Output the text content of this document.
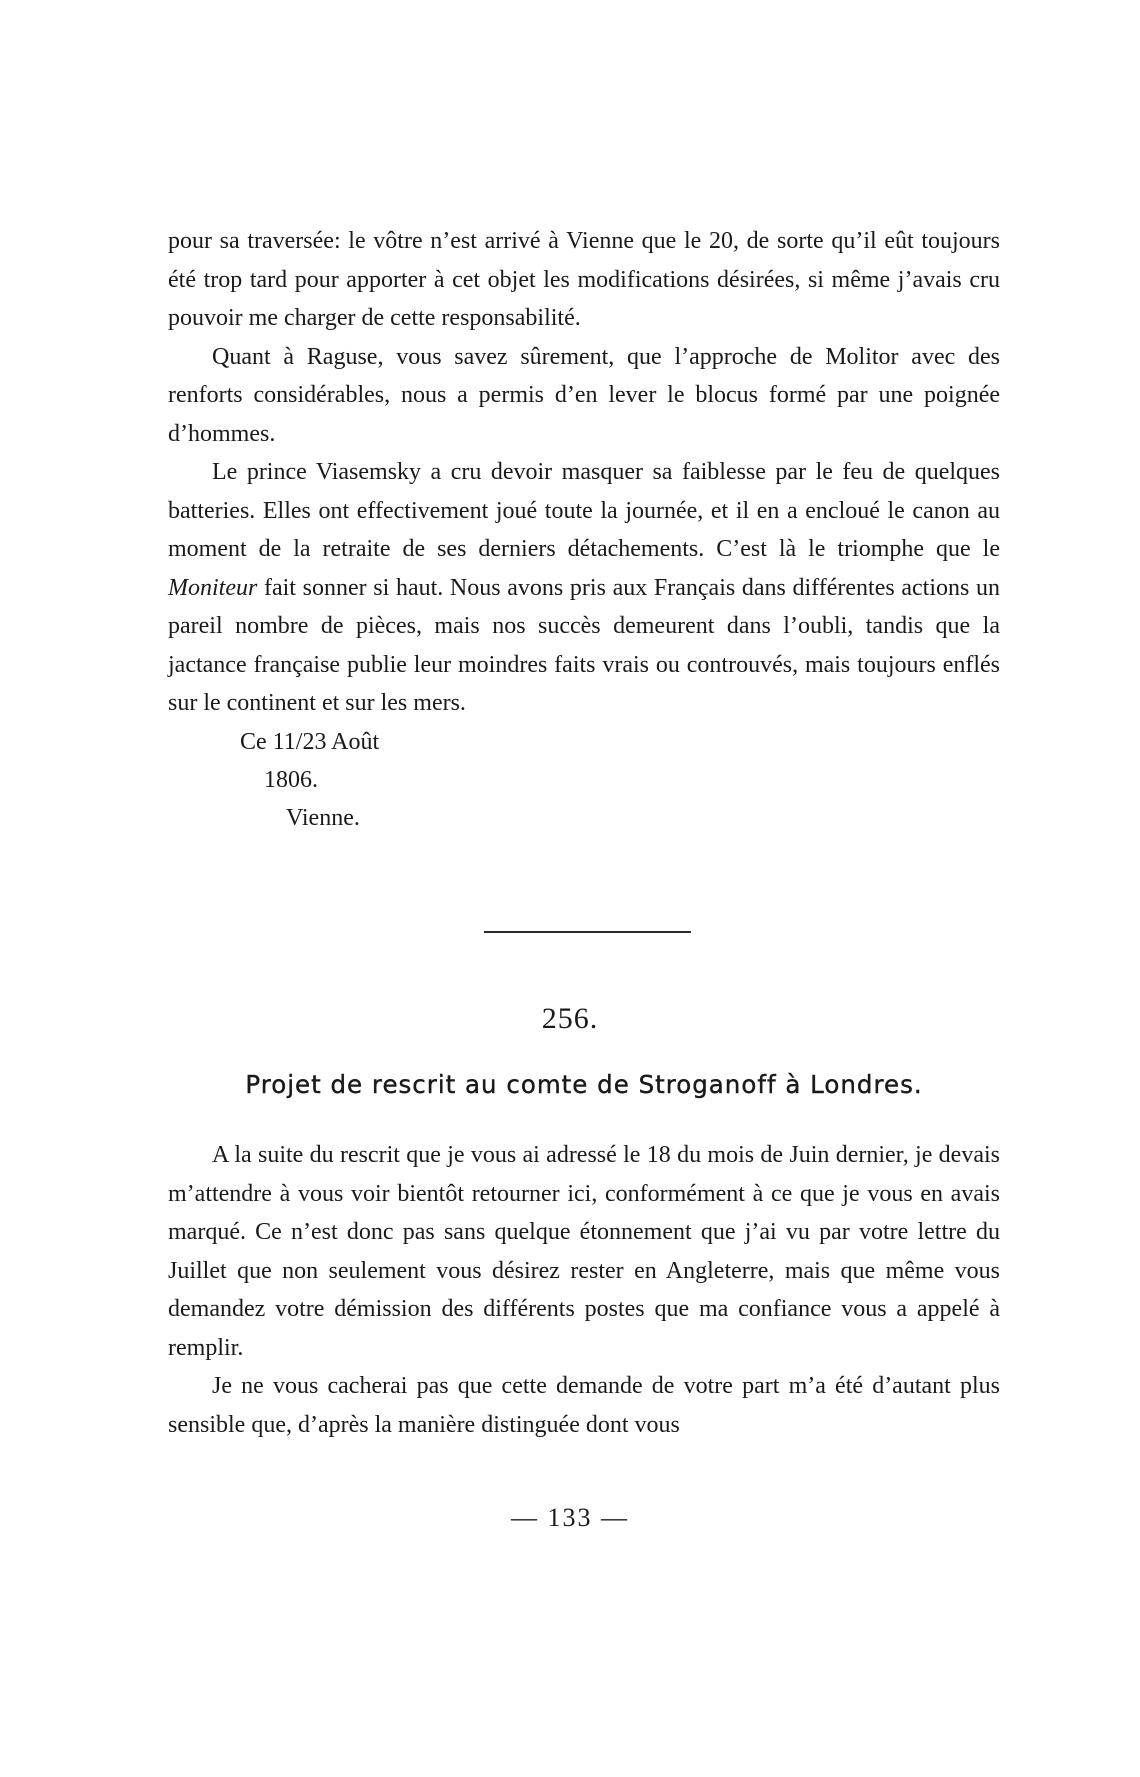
pour sa traversée: le vôtre n’est arrivé à Vienne que le 20, de sorte qu’il eût toujours été trop tard pour apporter à cet objet les modifications désirées, si même j’avais cru pouvoir me charger de cette responsabilité.

Quant à Raguse, vous savez sûrement, que l’approche de Molitor avec des renforts considérables, nous a permis d’en lever le blocus formé par une poignée d’hommes.

Le prince Viasemsky a cru devoir masquer sa faiblesse par le feu de quelques batteries. Elles ont effectivement joué toute la journée, et il en a encloué le canon au moment de la retraite de ses derniers détachements. C’est là le triomphe que le Moniteur fait sonner si haut. Nous avons pris aux Français dans différentes actions un pareil nombre de pièces, mais nos succès demeurent dans l’oubli, tandis que la jactance française publie leur moindres faits vrais ou controuvés, mais toujours enflés sur le continent et sur les mers.

Ce 11/23 Août
1806.
Vienne.
256.
Projet de rescrit au comte de Stroganoff à Londres.

A la suite du rescrit que je vous ai adressé le 18 du mois de Juin dernier, je devais m’attendre à vous voir bientôt retourner ici, conformément à ce que je vous en avais marqué. Ce n’est donc pas sans quelque étonnement que j’ai vu par votre lettre du     Juillet que non seulement vous désirez rester en Angleterre, mais que même vous demandez votre démission des différents postes que ma confiance vous a appelé à remplir.

Je ne vous cacherai pas que cette demande de votre part m’a été d’autant plus sensible que, d’après la manière distinguée dont vous

— 133 —
